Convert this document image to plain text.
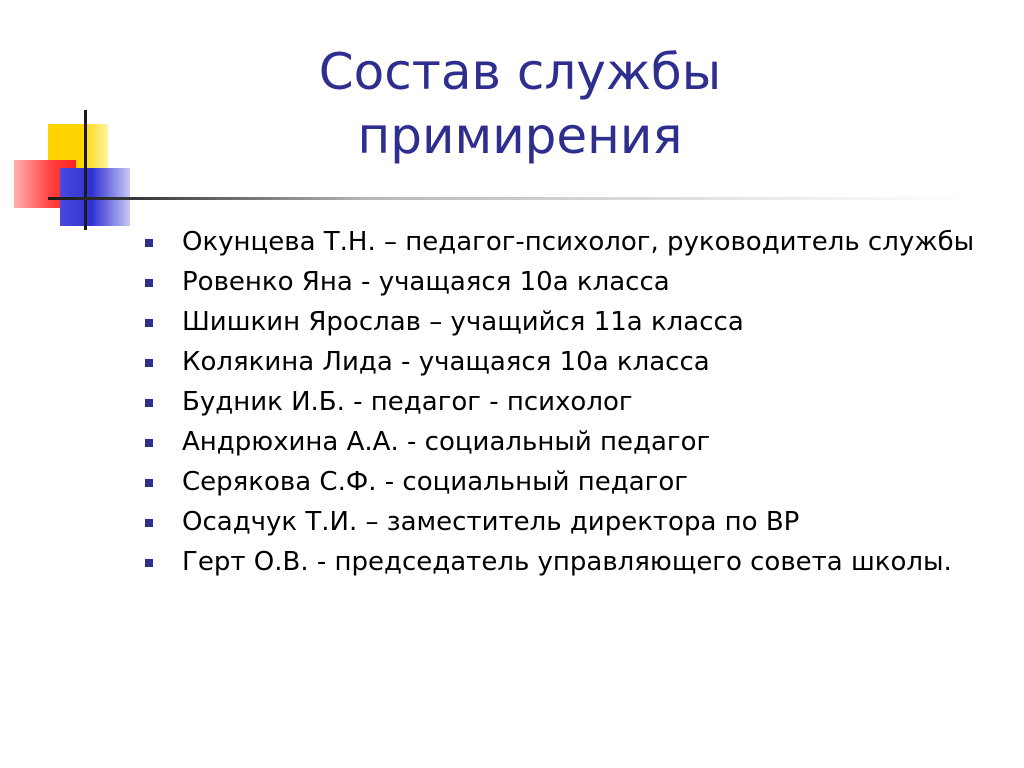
Состав службы
примирения
Окунцева Т.Н. – педагог-психолог, руководитель службы
Ровенко Яна - учащаяся 10а класса
Шишкин Ярослав – учащийся 11а класса
Колякина Лида - учащаяся 10а класса
Будник И.Б. - педагог - психолог
Андрюхина А.А. - социальный педагог
Серякова С.Ф. - социальный педагог
Осадчук Т.И. – заместитель директора по ВР
Герт О.В. - председатель управляющего совета школы.
